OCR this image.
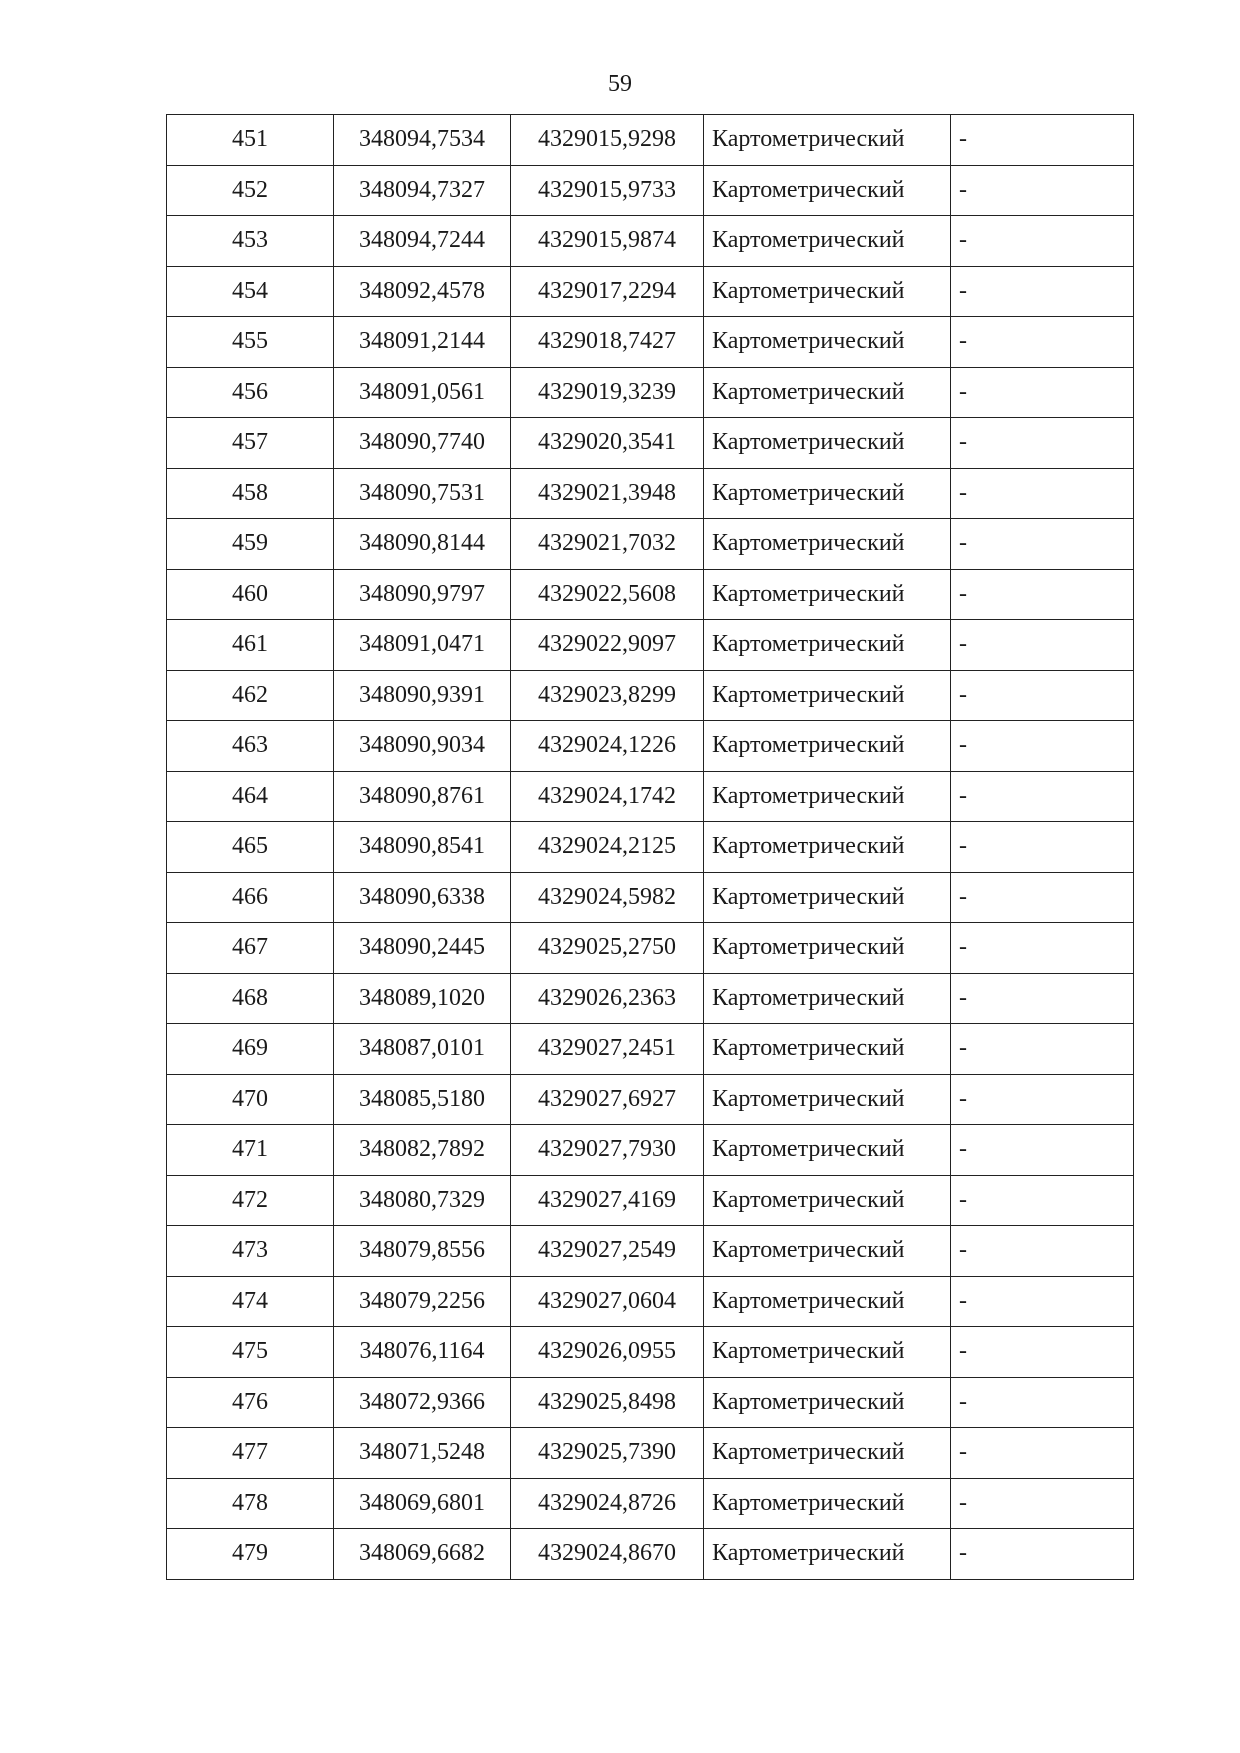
59
451	348094,7534	4329015,9298	Картометрический	-
452	348094,7327	4329015,9733	Картометрический	-
453	348094,7244	4329015,9874	Картометрический	-
454	348092,4578	4329017,2294	Картометрический	-
455	348091,2144	4329018,7427	Картометрический	-
456	348091,0561	4329019,3239	Картометрический	-
457	348090,7740	4329020,3541	Картометрический	-
458	348090,7531	4329021,3948	Картометрический	-
459	348090,8144	4329021,7032	Картометрический	-
460	348090,9797	4329022,5608	Картометрический	-
461	348091,0471	4329022,9097	Картометрический	-
462	348090,9391	4329023,8299	Картометрический	-
463	348090,9034	4329024,1226	Картометрический	-
464	348090,8761	4329024,1742	Картометрический	-
465	348090,8541	4329024,2125	Картометрический	-
466	348090,6338	4329024,5982	Картометрический	-
467	348090,2445	4329025,2750	Картометрический	-
468	348089,1020	4329026,2363	Картометрический	-
469	348087,0101	4329027,2451	Картометрический	-
470	348085,5180	4329027,6927	Картометрический	-
471	348082,7892	4329027,7930	Картометрический	-
472	348080,7329	4329027,4169	Картометрический	-
473	348079,8556	4329027,2549	Картометрический	-
474	348079,2256	4329027,0604	Картометрический	-
475	348076,1164	4329026,0955	Картометрический	-
476	348072,9366	4329025,8498	Картометрический	-
477	348071,5248	4329025,7390	Картометрический	-
478	348069,6801	4329024,8726	Картометрический	-
479	348069,6682	4329024,8670	Картометрический	-
